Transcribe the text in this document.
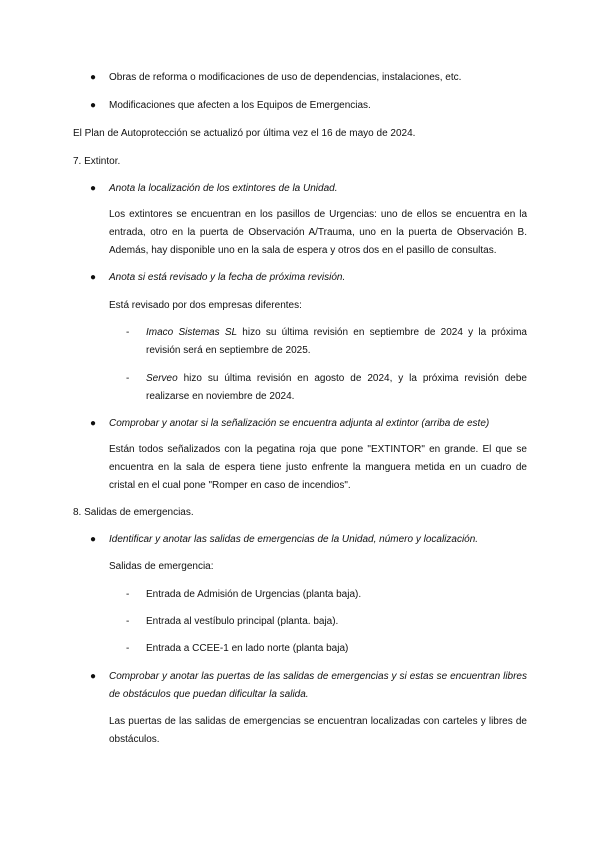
● Obras de reforma o modificaciones de uso de dependencias, instalaciones, etc.
● Modificaciones que afecten a los Equipos de Emergencias.
El Plan de Autoprotección se actualizó por última vez el 16 de mayo de 2024.
7. Extintor.
● Anota la localización de los extintores de la Unidad.
Los extintores se encuentran en los pasillos de Urgencias: uno de ellos se encuentra en la entrada, otro en la puerta de Observación A/Trauma, uno en la puerta de Observación B. Además, hay disponible uno en la sala de espera y otros dos en el pasillo de consultas.
● Anota si está revisado y la fecha de próxima revisión.
Está revisado por dos empresas diferentes:
- Imaco Sistemas SL hizo su última revisión en septiembre de 2024 y la próxima revisión será en septiembre de 2025.
- Serveo hizo su última revisión en agosto de 2024, y la próxima revisión debe realizarse en noviembre de 2024.
● Comprobar y anotar si la señalización se encuentra adjunta al extintor (arriba de este)
Están todos señalizados con la pegatina roja que pone "EXTINTOR" en grande. El que se encuentra en la sala de espera tiene justo enfrente la manguera metida en un cuadro de cristal en el cual pone "Romper en caso de incendios".
8. Salidas de emergencias.
● Identificar y anotar las salidas de emergencias de la Unidad, número y localización.
Salidas de emergencia:
- Entrada de Admisión de Urgencias (planta baja).
- Entrada al vestíbulo principal (planta. baja).
- Entrada a CCEE-1 en lado norte (planta baja)
● Comprobar y anotar las puertas de las salidas de emergencias y si estas se encuentran libres de obstáculos que puedan dificultar la salida.
Las puertas de las salidas de emergencias se encuentran localizadas con carteles y libres de obstáculos.
